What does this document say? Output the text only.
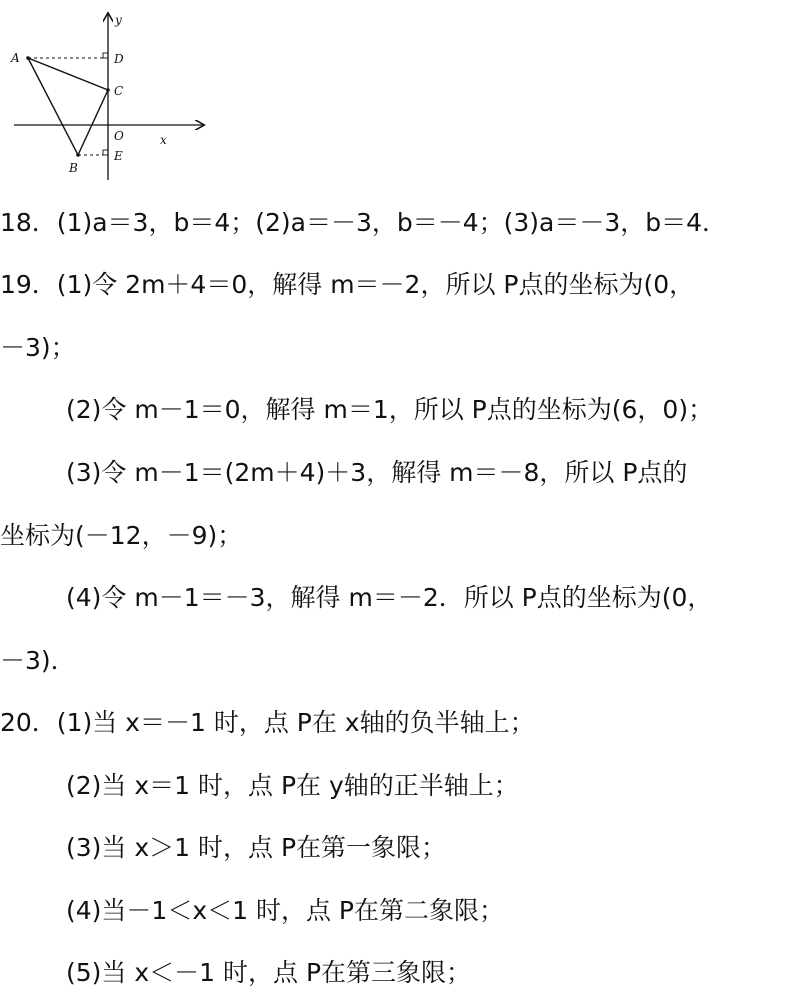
A
B
C
D
E
O	x
y
18．(1)a＝3，b＝4；(2)a＝－3，b＝－4；(3)a＝－3，b＝4．
19．(1)令 2m＋4＝0，解得 m＝－2，所以 P点的坐标为(0，
－3)；
(2)令 m－1＝0，解得 m＝1，所以 P点的坐标为(6，0)；
(3)令 m－1＝(2m＋4)＋3，解得 m＝－8，所以 P点的
坐标为(－12，－9)；
(4)令 m－1＝－3，解得 m＝－2．所以 P点的坐标为(0，
－3)．
20．(1)当 x＝－1 时，点 P在 x轴的负半轴上；
(2)当 x＝1 时，点 P在 y轴的正半轴上；
(3)当 x＞1 时，点 P在第一象限；
(4)当－1＜x＜1 时，点 P在第二象限；
(5)当 x＜－1 时，点 P在第三象限；
